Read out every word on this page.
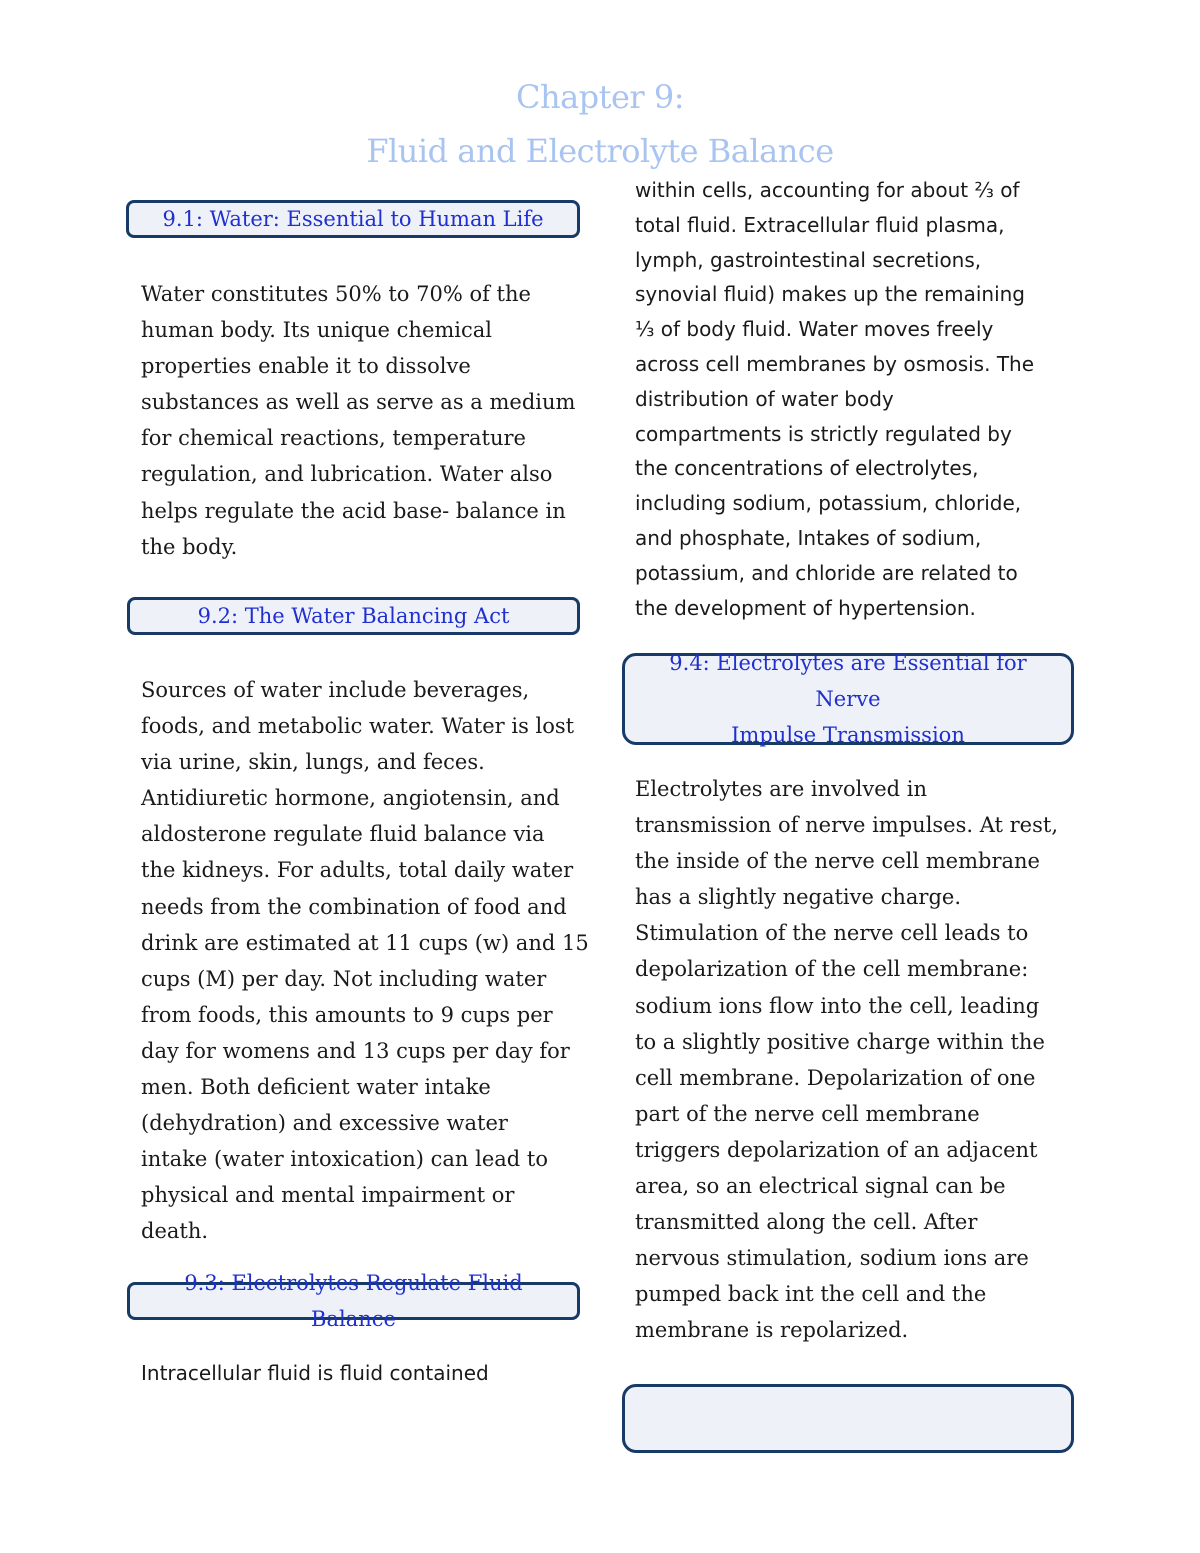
Chapter 9:
Fluid and Electrolyte Balance
9.1: Water: Essential to Human Life
Water constitutes 50% to 70% of the
human body. Its unique chemical
properties enable it to dissolve
substances as well as serve as a medium
for chemical reactions, temperature
regulation, and lubrication. Water also
helps regulate the acid base- balance in
the body.
9.2: The Water Balancing Act
Sources of water include beverages,
foods, and metabolic water. Water is lost
via urine, skin, lungs, and feces.
Antidiuretic hormone, angiotensin, and
aldosterone regulate fluid balance via
the kidneys. For adults, total daily water
needs from the combination of food and
drink are estimated at 11 cups (w) and 15
cups (M) per day. Not including water
from foods, this amounts to 9 cups per
day for womens and 13 cups per day for
men. Both deficient water intake
(dehydration) and excessive water
intake (water intoxication) can lead to
physical and mental impairment or
death.
9.3: Electrolytes Regulate Fluid Balance
Intracellular fluid is fluid contained
within cells, accounting for about ⅔ of
total fluid. Extracellular fluid plasma,
lymph, gastrointestinal secretions,
synovial fluid) makes up the remaining
⅓ of body fluid. Water moves freely
across cell membranes by osmosis. The
distribution of water body
compartments is strictly regulated by
the concentrations of electrolytes,
including sodium, potassium, chloride,
and phosphate, Intakes of sodium,
potassium, and chloride are related to
the development of hypertension.
9.4: Electrolytes are Essential for Nerve
Impulse Transmission
Electrolytes are involved in
transmission of nerve impulses. At rest,
the inside of the nerve cell membrane
has a slightly negative charge.
Stimulation of the nerve cell leads to
depolarization of the cell membrane:
sodium ions flow into the cell, leading
to a slightly positive charge within the
cell membrane. Depolarization of one
part of the nerve cell membrane
triggers depolarization of an adjacent
area, so an electrical signal can be
transmitted along the cell. After
nervous stimulation, sodium ions are
pumped back int the cell and the
membrane is repolarized.
